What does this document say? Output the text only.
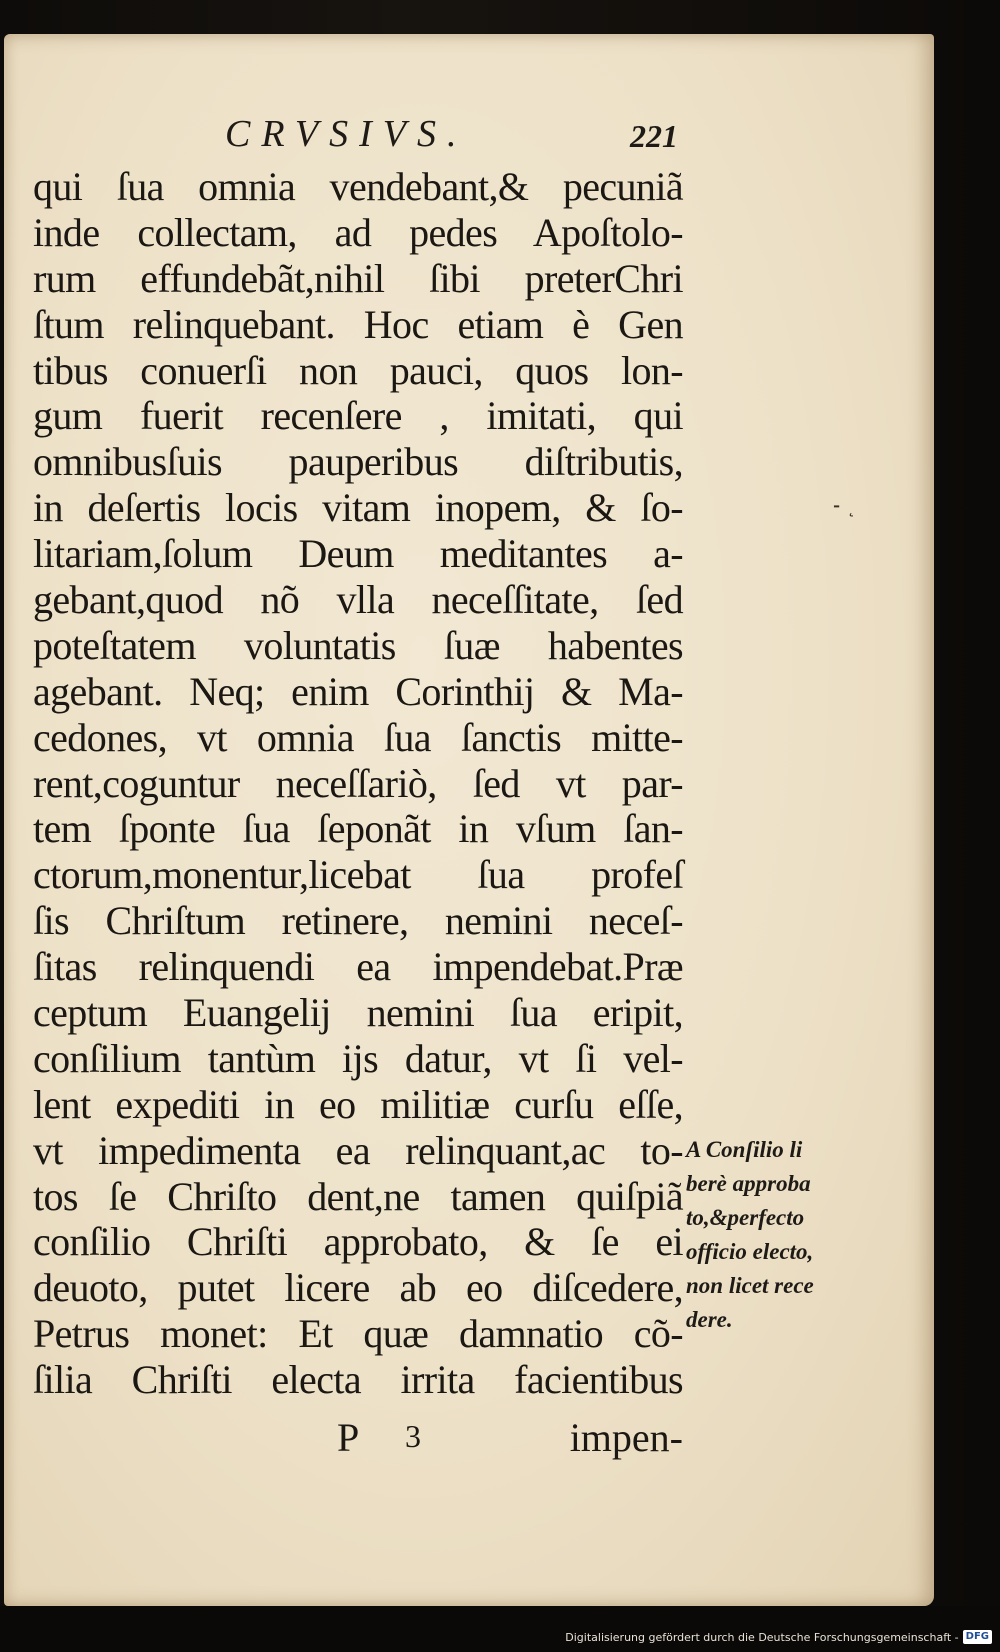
CRVSIVS.	221
qui ſua omnia vendebant,& pecuniã
inde collectam, ad pedes Apoſtolo-
rum effundebãt,nihil ſibi preterChri
ſtum relinquebant. Hoc etiam è Gen
tibus conuerſi non pauci, quos lon-
gum fuerit recenſere , imitati, qui
omnibusſuis pauperibus diſtributis,
in deſertis locis vitam inopem, & ſo-
litariam,ſolum Deum meditantes a-
gebant,quod nõ vlla neceſſitate, ſed
poteſtatem voluntatis ſuæ habentes
agebant. Neq; enim Corinthij & Ma-
cedones, vt omnia ſua ſanctis mitte-
rent,coguntur neceſſariò, ſed vt par-
tem ſponte ſua ſeponãt in vſum ſan-
ctorum,monentur,licebat ſua profeſ
ſis Chriſtum retinere, nemini neceſ-
ſitas relinquendi ea impendebat.Præ
ceptum Euangelij nemini ſua eripit,
conſilium tantùm ijs datur, vt ſi vel-
lent expediti in eo militiæ curſu eſſe,
vt impedimenta ea relinquant,ac to-
tos ſe Chriſto dent,ne tamen quiſpiã
conſilio Chriſti approbato, & ſe ei
deuoto, putet licere ab eo diſcedere,
Petrus monet: Et quæ damnatio cõ-
ſilia Chriſti electa irrita facientibus
A Conſilio li
berè approba
to,&perfecto
officio electo,
non licet rece
dere.
⁃ ˛
P 3	impen-
Digitalisierung gefördert durch die Deutsche Forschungsgemeinschaft - DFG
